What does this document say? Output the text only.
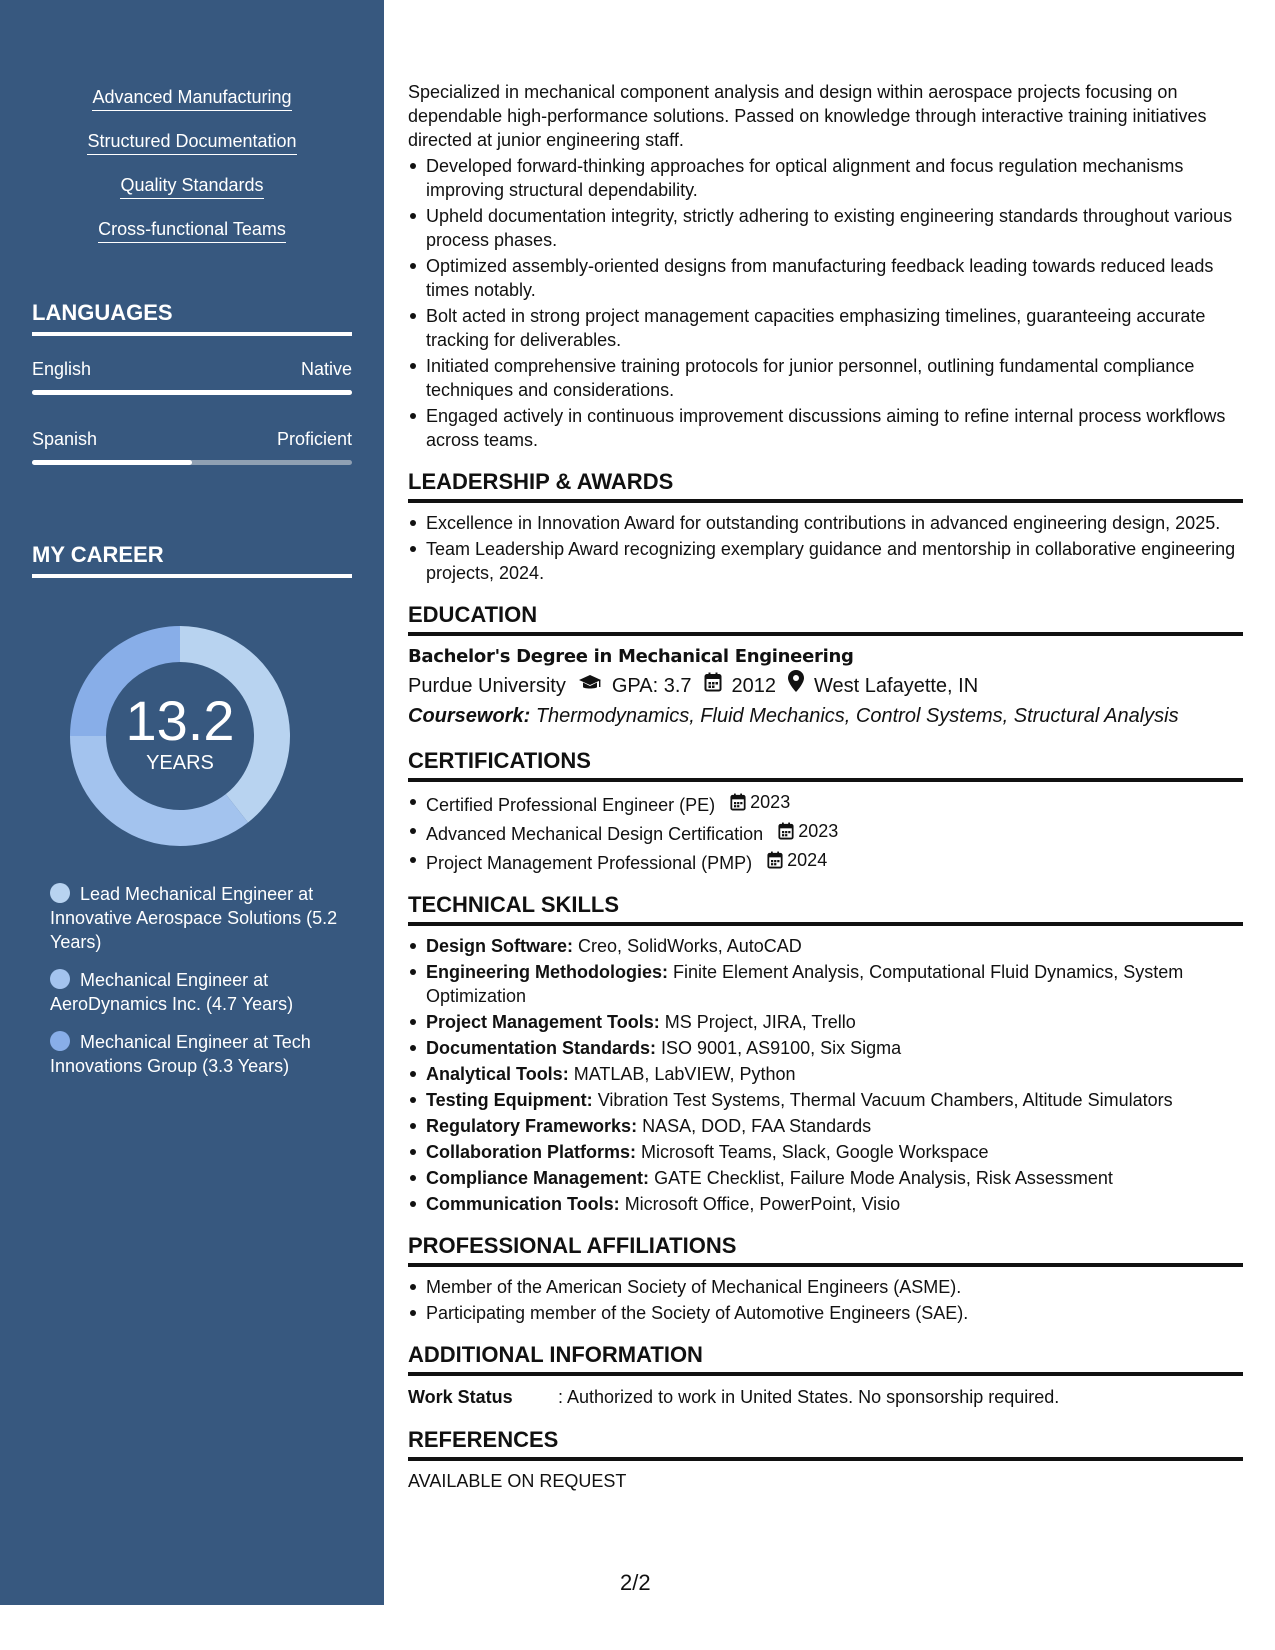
Advanced Manufacturing
Structured Documentation
Quality Standards
Cross-functional Teams
LANGUAGES
English	Native
Spanish	Proficient
MY CAREER
13.2
YEARS
Lead Mechanical Engineer at Innovative Aerospace Solutions (5.2 Years)
Mechanical Engineer at AeroDynamics Inc. (4.7 Years)
Mechanical Engineer at Tech Innovations Group (3.3 Years)

Specialized in mechanical component analysis and design within aerospace projects focusing on dependable high-performance solutions. Passed on knowledge through interactive training initiatives directed at junior engineering staff.

Developed forward-thinking approaches for optical alignment and focus regulation mechanisms improving structural dependability.
Upheld documentation integrity, strictly adhering to existing engineering standards throughout various process phases.
Optimized assembly-oriented designs from manufacturing feedback leading towards reduced leads times notably.
Bolt acted in strong project management capacities emphasizing timelines, guaranteeing accurate tracking for deliverables.
Initiated comprehensive training protocols for junior personnel, outlining fundamental compliance techniques and considerations.
Engaged actively in continuous improvement discussions aiming to refine internal process workflows across teams.
LEADERSHIP & AWARDS
Excellence in Innovation Award for outstanding contributions in advanced engineering design, 2025.
Team Leadership Award recognizing exemplary guidance and mentorship in collaborative engineering projects, 2024.
EDUCATION
Bachelor's Degree in Mechanical Engineering
Purdue University GPA: 3.7 2012 West Lafayette, IN
Coursework: Thermodynamics, Fluid Mechanics, Control Systems, Structural Analysis
CERTIFICATIONS
Certified Professional Engineer (PE) 2023
Advanced Mechanical Design Certification 2023
Project Management Professional (PMP) 2024
TECHNICAL SKILLS
Design Software: Creo, SolidWorks, AutoCAD
Engineering Methodologies: Finite Element Analysis, Computational Fluid Dynamics, System Optimization
Project Management Tools: MS Project, JIRA, Trello
Documentation Standards: ISO 9001, AS9100, Six Sigma
Analytical Tools: MATLAB, LabVIEW, Python
Testing Equipment: Vibration Test Systems, Thermal Vacuum Chambers, Altitude Simulators
Regulatory Frameworks: NASA, DOD, FAA Standards
Collaboration Platforms: Microsoft Teams, Slack, Google Workspace
Compliance Management: GATE Checklist, Failure Mode Analysis, Risk Assessment
Communication Tools: Microsoft Office, PowerPoint, Visio
PROFESSIONAL AFFILIATIONS
Member of the American Society of Mechanical Engineers (ASME).
Participating member of the Society of Automotive Engineers (SAE).
ADDITIONAL INFORMATION
Work Status	: Authorized to work in United States. No sponsorship required.
REFERENCES
AVAILABLE ON REQUEST
2/2
